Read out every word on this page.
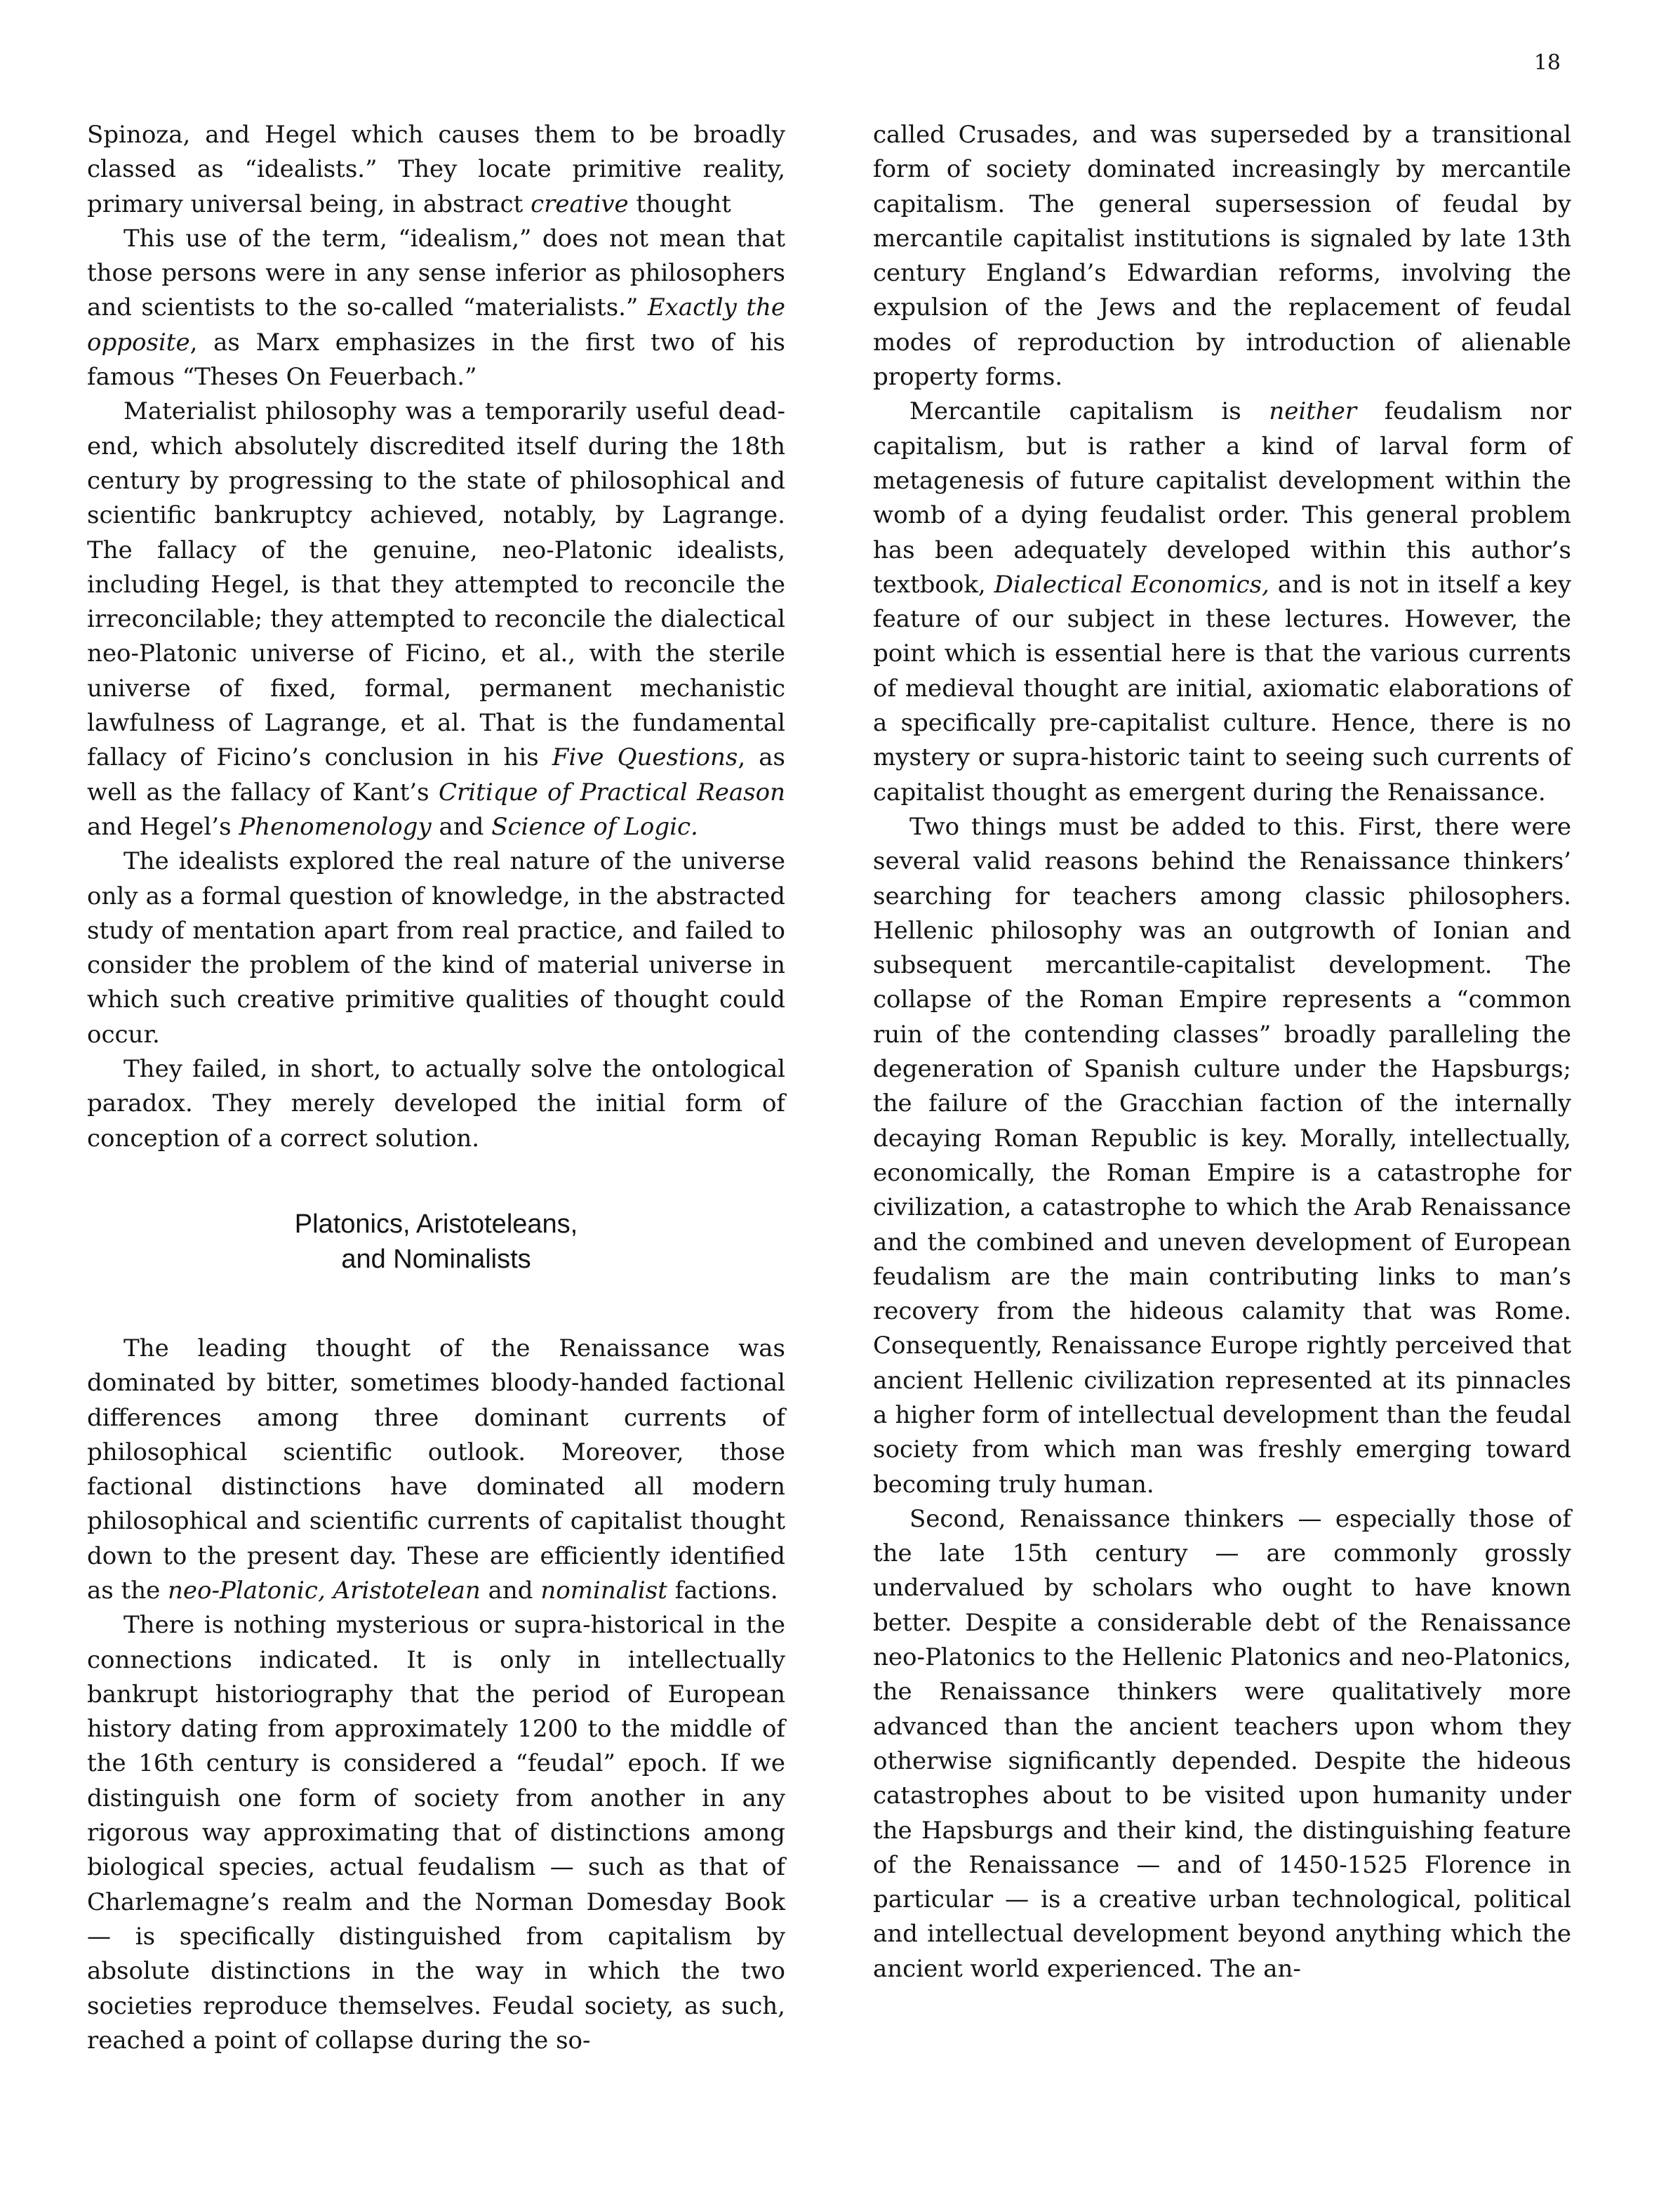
18

Spinoza, and Hegel which causes them to be broadly classed as “idealists.” They locate primitive reality, primary universal being, in abstract creative thought

This use of the term, “idealism,” does not mean that those persons were in any sense inferior as philosophers and scientists to the so-called “materialists.” Exactly the opposite, as Marx emphasizes in the first two of his famous “Theses On Feuerbach.”

Materialist philosophy was a temporarily useful dead-end, which absolutely discredited itself during the 18th century by progressing to the state of philosophical and scientific bankruptcy achieved, notably, by Lagrange. The fallacy of the genuine, neo-Platonic idealists, including Hegel, is that they attempted to reconcile the irreconcilable; they attempted to reconcile the dialectical neo-Platonic universe of Ficino, et al., with the sterile universe of fixed, formal, permanent mechanistic lawfulness of Lagrange, et al. That is the fundamental fallacy of Ficino’s conclusion in his Five Questions, as well as the fallacy of Kant’s Critique of Practical Reason and Hegel’s Phenomenology and Science of Logic.

The idealists explored the real nature of the universe only as a formal question of knowledge, in the abstracted study of mentation apart from real practice, and failed to consider the problem of the kind of material universe in which such creative primitive qualities of thought could occur.

They failed, in short, to actually solve the ontological paradox. They merely developed the initial form of conception of a correct solution.

Platonics, Aristoteleans,
and Nominalists

The leading thought of the Renaissance was dominated by bitter, sometimes bloody-handed factional differences among three dominant currents of philosophical scientific outlook. Moreover, those factional distinctions have dominated all modern philosophical and scientific currents of capitalist thought down to the present day. These are efficiently identified as the neo-Platonic, Aristotelean and nominalist factions.

There is nothing mysterious or supra-historical in the connections indicated. It is only in intellectually bankrupt historiography that the period of European history dating from approximately 1200 to the middle of the 16th century is considered a “feudal” epoch. If we distinguish one form of society from another in any rigorous way approximating that of distinctions among biological species, actual feudalism — such as that of Charlemagne’s realm and the Norman Domesday Book — is specifically distinguished from capitalism by absolute distinctions in the way in which the two societies reproduce themselves. Feudal society, as such, reached a point of collapse during the so-

called Crusades, and was superseded by a transitional form of society dominated increasingly by mercantile capitalism. The general supersession of feudal by mercantile capitalist institutions is signaled by late 13th century England’s Edwardian reforms, involving the expulsion of the Jews and the replacement of feudal modes of reproduction by introduction of alienable property forms.

Mercantile capitalism is neither feudalism nor capitalism, but is rather a kind of larval form of metagenesis of future capitalist development within the womb of a dying feudalist order. This general problem has been adequately developed within this author’s textbook, Dialectical Economics, and is not in itself a key feature of our subject in these lectures. However, the point which is essential here is that the various currents of medieval thought are initial, axiomatic elaborations of a specifically pre-capitalist culture. Hence, there is no mystery or supra-historic taint to seeing such currents of capitalist thought as emergent during the Renaissance.

Two things must be added to this. First, there were several valid reasons behind the Renaissance thinkers’ searching for teachers among classic philosophers. Hellenic philosophy was an outgrowth of Ionian and subsequent mercantile-capitalist development. The collapse of the Roman Empire represents a “common ruin of the contending classes” broadly paralleling the degeneration of Spanish culture under the Hapsburgs; the failure of the Gracchian faction of the internally decaying Roman Republic is key. Morally, intellectually, economically, the Roman Empire is a catastrophe for civilization, a catastrophe to which the Arab Renaissance and the combined and uneven development of European feudalism are the main contributing links to man’s recovery from the hideous calamity that was Rome. Consequently, Renaissance Europe rightly perceived that ancient Hellenic civilization represented at its pinnacles a higher form of intellectual development than the feudal society from which man was freshly emerging toward becoming truly human.

Second, Renaissance thinkers — especially those of the late 15th century — are commonly grossly undervalued by scholars who ought to have known better. Despite a considerable debt of the Renaissance neo-Platonics to the Hellenic Platonics and neo-Platonics, the Renaissance thinkers were qualitatively more advanced than the ancient teachers upon whom they otherwise significantly depended. Despite the hideous catastrophes about to be visited upon humanity under the Hapsburgs and their kind, the distinguishing feature of the Renaissance — and of 1450-1525 Florence in particular — is a creative urban technological, political and intellectual development beyond anything which the ancient world experienced. The an-
